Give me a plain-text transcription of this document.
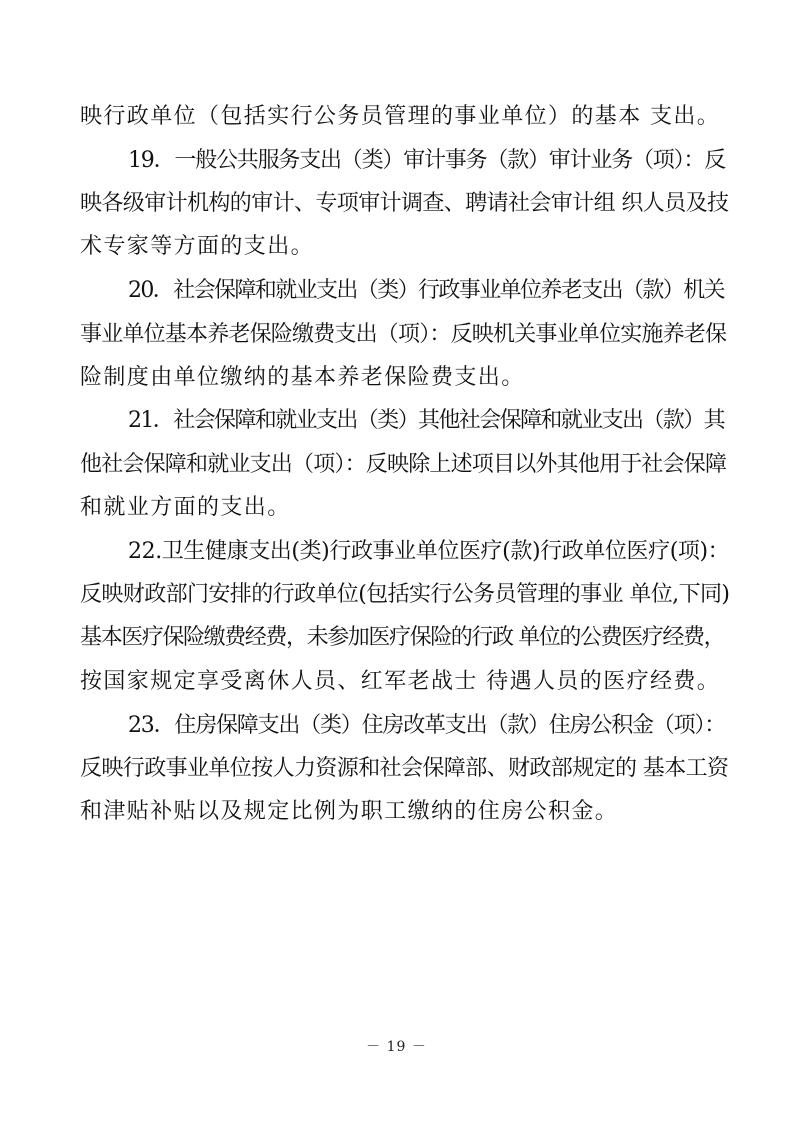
映行政单位（包括实行公务员管理的事业单位）的基本 支出。
19．一般公共服务支出（类）审计事务（款）审计业务（项）：反
映各级审计机构的审计、专项审计调查、聘请社会审计组 织人员及技
术专家等方面的支出。
20．社会保障和就业支出（类）行政事业单位养老支出（款）机关
事业单位基本养老保险缴费支出（项）：反映机关事业单位实施养老保
险制度由单位缴纳的基本养老保险费支出。
21．社会保障和就业支出（类）其他社会保障和就业支出（款）其
他社会保障和就业支出（项）：反映除上述项目以外其他用于社会保障
和就业方面的支出。
22.卫生健康支出(类)行政事业单位医疗(款)行政单位医疗(项)：
反映财政部门安排的行政单位(包括实行公务员管理的事业 单位,下同)
基本医疗保险缴费经费，未参加医疗保险的行政 单位的公费医疗经费，
按国家规定享受离休人员、红军老战士 待遇人员的医疗经费。
23．住房保障支出（类）住房改革支出（款）住房公积金（项）：
反映行政事业单位按人力资源和社会保障部、财政部规定的 基本工资
和津贴补贴以及规定比例为职工缴纳的住房公积金。
－ 19 －
